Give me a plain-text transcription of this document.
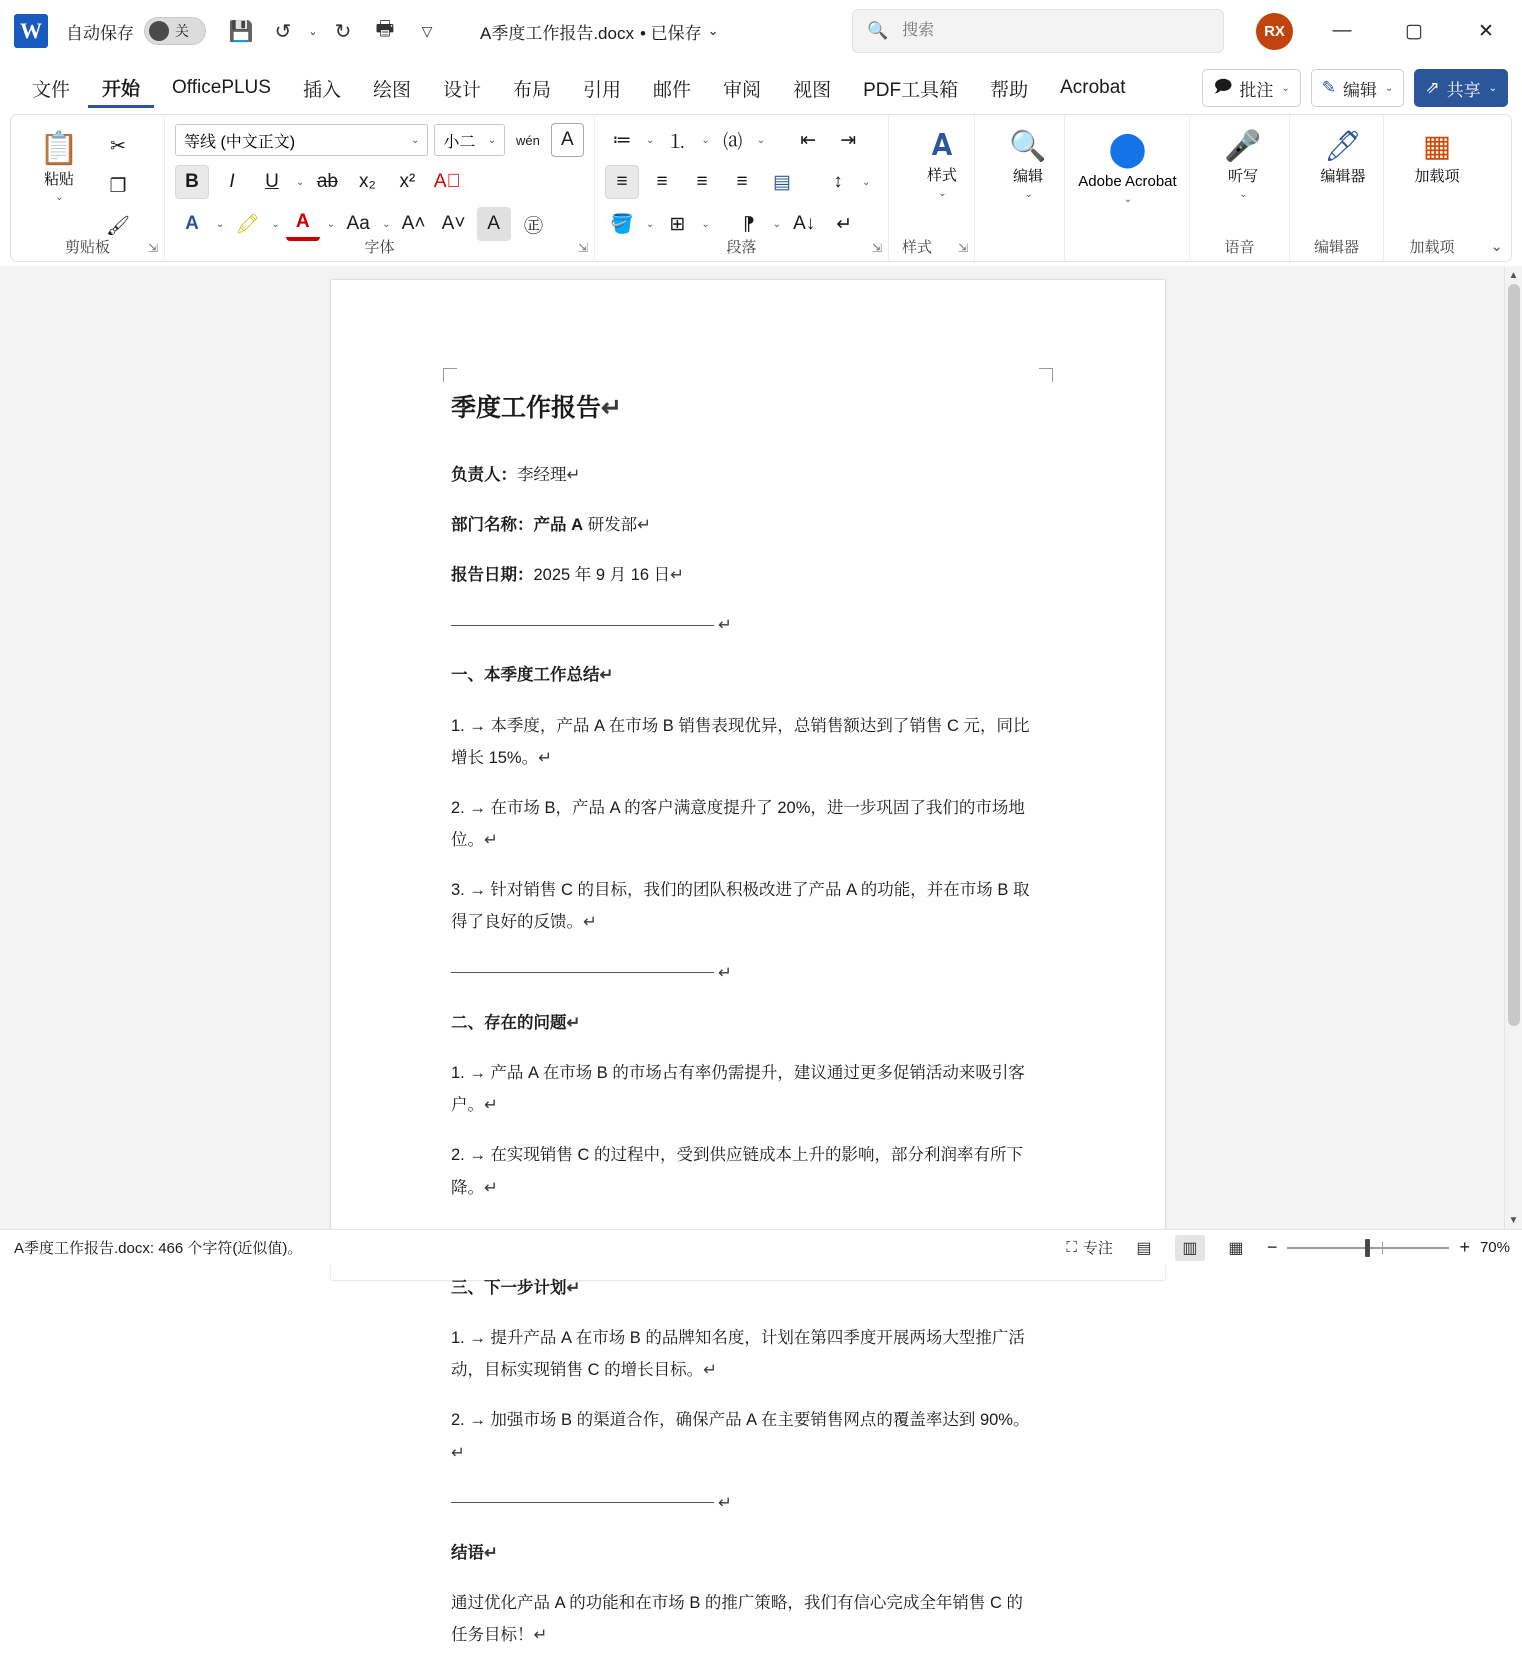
W	自动保存	关	💾	↺	⌄ ↻	🖶	▽	A季度工作报告.docx • 已保存 ⌄	🔍
搜索	RX	—	▢	✕
文件	开始	OfficePLUS	插入	绘图	设计	布局	引用	邮件	审阅	视图	PDF工具箱	帮助	Acrobat	🗩 批注 ⌄ ✎ 编辑 ⌄ ⇗ 共享 ⌄
📋
粘贴
⌄
✂
❐
🖌
剪贴板	⇲
等线 (中文正文)	⌄ 小二 ⌄	wén	A
B	I	U	⌄ ab	x₂	x² A⃠
A	⌄ 🖍	⌄ A	⌄ Aa	⌄ A˄ A˅	A	㊣
字体	⇲
≔	⌄ ⒈	⌄ ⒜	⌄	⇤	⇥
≡	≡	≡	≡	▤	↕	⌄
🪣	⌄ ⊞	⌄	⁋	⌄ A↓	↵
段落	⇲
𝐀
样式
⌄
样式	⇲
🔍
编辑
⌄
⬤
Adobe Acrobat
⌄
🎤
听写
⌄
语音
🖊
编辑器
编辑器
▦
加载项
加载项	⌄
季度工作报告↵
负责人：李经理↵
部门名称：产品 A 研发部↵
报告日期：2025 年 9 月 16 日↵
↵
一、本季度工作总结↵
1. → 本季度，产品 A 在市场 B 销售表现优异，总销售额达到了销售 C 元，同比增长 15%。↵
2. → 在市场 B，产品 A 的客户满意度提升了 20%，进一步巩固了我们的市场地位。↵
3. → 针对销售 C 的目标，我们的团队积极改进了产品 A 的功能，并在市场 B 取得了良好的反馈。↵
↵
二、存在的问题↵
1. → 产品 A 在市场 B 的市场占有率仍需提升，建议通过更多促销活动来吸引客户。↵
2. → 在实现销售 C 的过程中，受到供应链成本上升的影响，部分利润率有所下降。↵
三、下一步计划↵
1. → 提升产品 A 在市场 B 的品牌知名度，计划在第四季度开展两场大型推广活动，目标实现销售 C 的增长目标。↵
2. → 加强市场 B 的渠道合作，确保产品 A 在主要销售网点的覆盖率达到 90%。↵
↵
结语↵
通过优化产品 A 的功能和在市场 B 的推广策略，我们有信心完成全年销售 C 的任务目标！↵
▲
▼
A季度工作报告.docx: 466 个字符(近似值)。	⛶ 专注	▤	▥	▦	−	+ 70%
